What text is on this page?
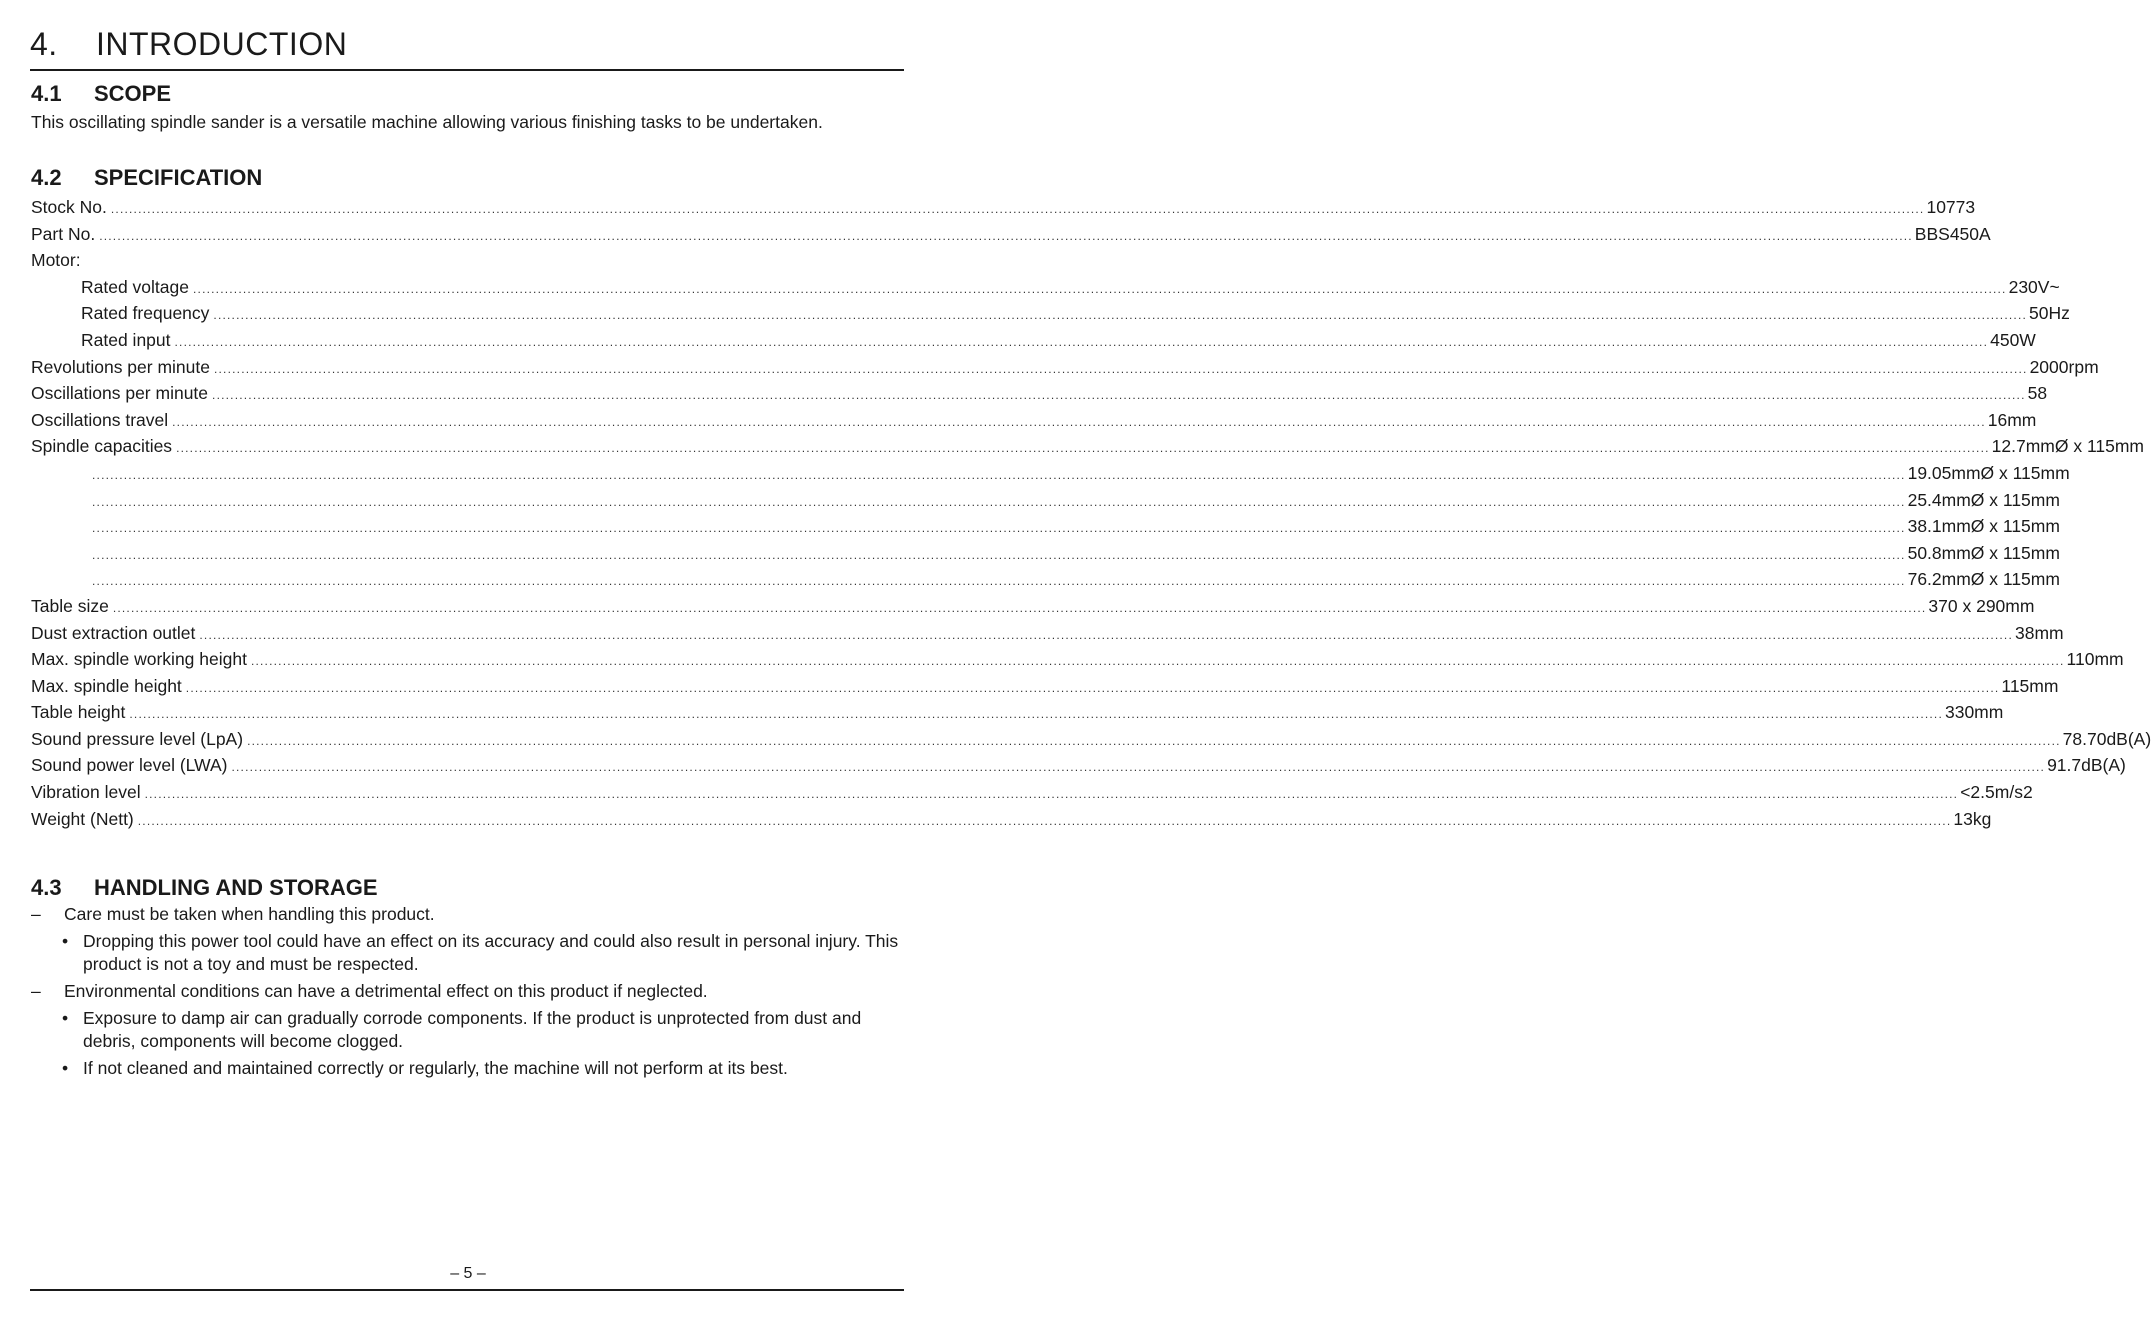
4. INTRODUCTION
4.1 SCOPE
This oscillating spindle sander is a versatile machine allowing various finishing tasks to be undertaken.
4.2 SPECIFICATION
Stock No. ................................................................................................................................................................................................................................................................................................................................................................................................................ 10773
Part No. ................................................................................................................................................................................................................................................................................................................................................................................................................ BBS450A
Motor:
Rated voltage ................................................................................................................................................................................................................................................................................................................................................................................................................ 230V~
Rated frequency ................................................................................................................................................................................................................................................................................................................................................................................................................ 50Hz
Rated input ................................................................................................................................................................................................................................................................................................................................................................................................................ 450W
Revolutions per minute ................................................................................................................................................................................................................................................................................................................................................................................................................ 2000rpm
Oscillations per minute ................................................................................................................................................................................................................................................................................................................................................................................................................ 58
Oscillations travel ................................................................................................................................................................................................................................................................................................................................................................................................................ 16mm
Spindle capacities ................................................................................................................................................................................................................................................................................................................................................................................................................ 12.7mmØ x 115mm
................................................................................................................................................................................................................................................................................................................................................................................................................ 19.05mmØ x 115mm
................................................................................................................................................................................................................................................................................................................................................................................................................ 25.4mmØ x 115mm
................................................................................................................................................................................................................................................................................................................................................................................................................ 38.1mmØ x 115mm
................................................................................................................................................................................................................................................................................................................................................................................................................ 50.8mmØ x 115mm
................................................................................................................................................................................................................................................................................................................................................................................................................ 76.2mmØ x 115mm
Table size ................................................................................................................................................................................................................................................................................................................................................................................................................ 370 x 290mm
Dust extraction outlet ................................................................................................................................................................................................................................................................................................................................................................................................................ 38mm
Max. spindle working height ................................................................................................................................................................................................................................................................................................................................................................................................................ 110mm
Max. spindle height ................................................................................................................................................................................................................................................................................................................................................................................................................ 115mm
Table height ................................................................................................................................................................................................................................................................................................................................................................................................................ 330mm
Sound pressure level (LpA) ................................................................................................................................................................................................................................................................................................................................................................................................................ 78.70dB(A)
Sound power level (LWA) ................................................................................................................................................................................................................................................................................................................................................................................................................ 91.7dB(A)
Vibration level ................................................................................................................................................................................................................................................................................................................................................................................................................ <2.5m/s2
Weight (Nett) ................................................................................................................................................................................................................................................................................................................................................................................................................ 13kg
4.3 HANDLING AND STORAGE
– Care must be taken when handling this product.
• Dropping this power tool could have an effect on its accuracy and could also result in personal injury. This product is not a toy and must be respected.
– Environmental conditions can have a detrimental effect on this product if neglected.
• Exposure to damp air can gradually corrode components. If the product is unprotected from dust and debris, components will become clogged.
• If not cleaned and maintained correctly or regularly, the machine will not perform at its best.
– 5 –
